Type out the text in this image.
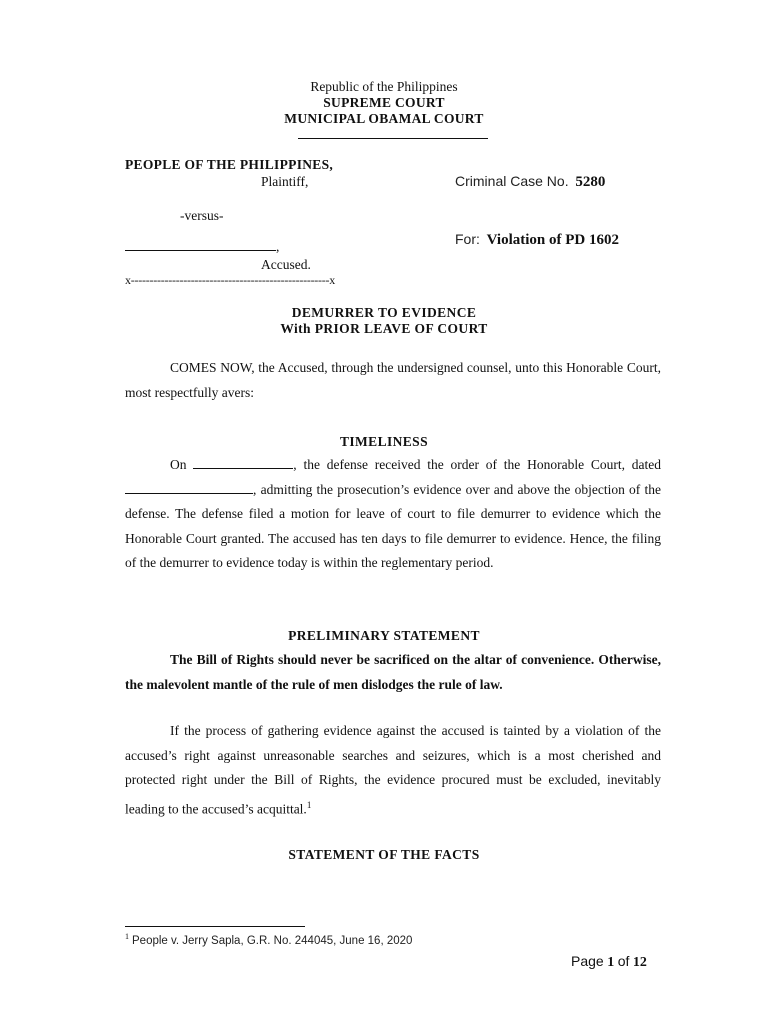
Republic of the Philippines
SUPREME COURT
MUNICIPAL OBAMAL COURT
PEOPLE OF THE PHILIPPINES,
Plaintiff,	Criminal Case No. 5280
-versus-
For: Violation of PD 1602
,
Accused.
x-----------------------------------------------------x
DEMURRER TO EVIDENCE
With PRIOR LEAVE OF COURT
COMES NOW, the Accused, through the undersigned counsel, unto this Honorable Court, most respectfully avers:
TIMELINESS
On	, the defense received the order of the Honorable Court, dated , admitting the prosecution’s evidence over and above the objection of the defense. The defense filed a motion for leave of court to file demurrer to evidence which the Honorable Court granted. The accused has ten days to file demurrer to evidence. Hence, the filing of the demurrer to evidence today is within the reglementary period.
PRELIMINARY STATEMENT
The Bill of Rights should never be sacrificed on the altar of convenience. Otherwise, the malevolent mantle of the rule of men dislodges the rule of law.
If the process of gathering evidence against the accused is tainted by a violation of the accused’s right against unreasonable searches and seizures, which is a most cherished and protected right under the Bill of Rights, the evidence procured must be excluded, inevitably leading to the accused’s acquittal.$^1$
STATEMENT OF THE FACTS
$^1$ People v. Jerry Sapla, G.R. No. 244045, June 16, 2020
Page 1 of 12
